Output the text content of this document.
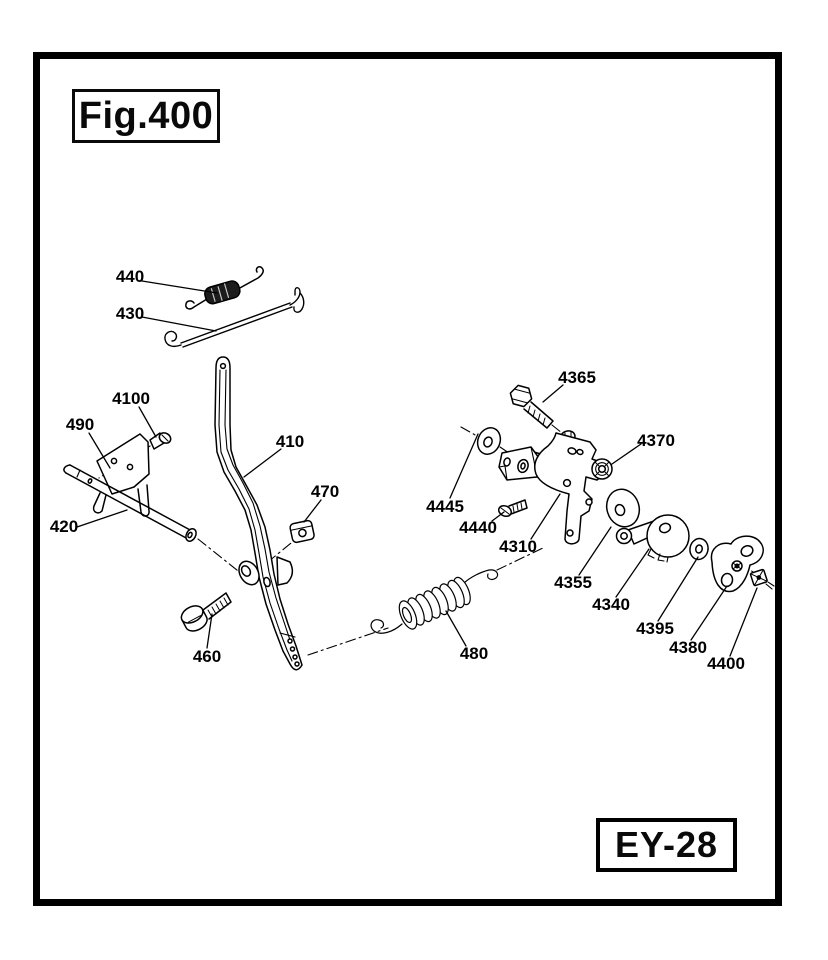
Fig.400
EY-28
440
430
4100
490
410
470
420
460	480
4365
4370
4445
4440
4310
4355
4340
4395
4380
4400
